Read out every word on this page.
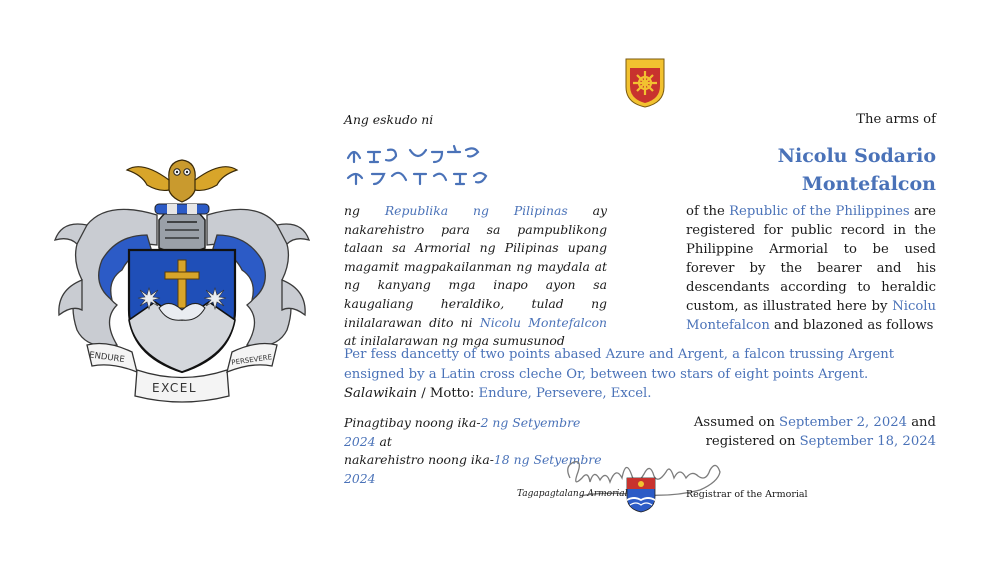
ENDURE
EXCEL
PERSEVERE
Ang eskudo ni	The arms of
Nicolu Sodario Montefalcon
ng Republika ng Pilipinas ay nakarehistro para sa pampublikong talaan sa Armorial ng Pilipinas upang magamit magpakailanman ng maydala at ng kanyang mga inapo ayon sa kaugaliang heraldiko, tulad ng inilalarawan dito ni Nicolu Montefalcon at inilalarawan ng mga sumusunod
of the Republic of the Philippines are registered for public record in the Philippine Armorial to be used forever by the bearer and his descendants according to heraldic custom, as illustrated here by Nicolu Montefalcon and blazoned as follows
Per fess dancetty of two points abased Azure and Argent, a falcon trussing Argent ensigned by a Latin cross cleche Or, between two stars of eight points Argent. Salawikain / Motto: Endure, Persevere, Excel.
Pinagtibay noong ika-2 ng Setyembre 2024 at
nakarehistro noong ika-18 ng Setyembre 2024
Assumed on September 2, 2024 and
registered on September 18, 2024
Tagapagtalang Armorial	Registrar of the Armorial
